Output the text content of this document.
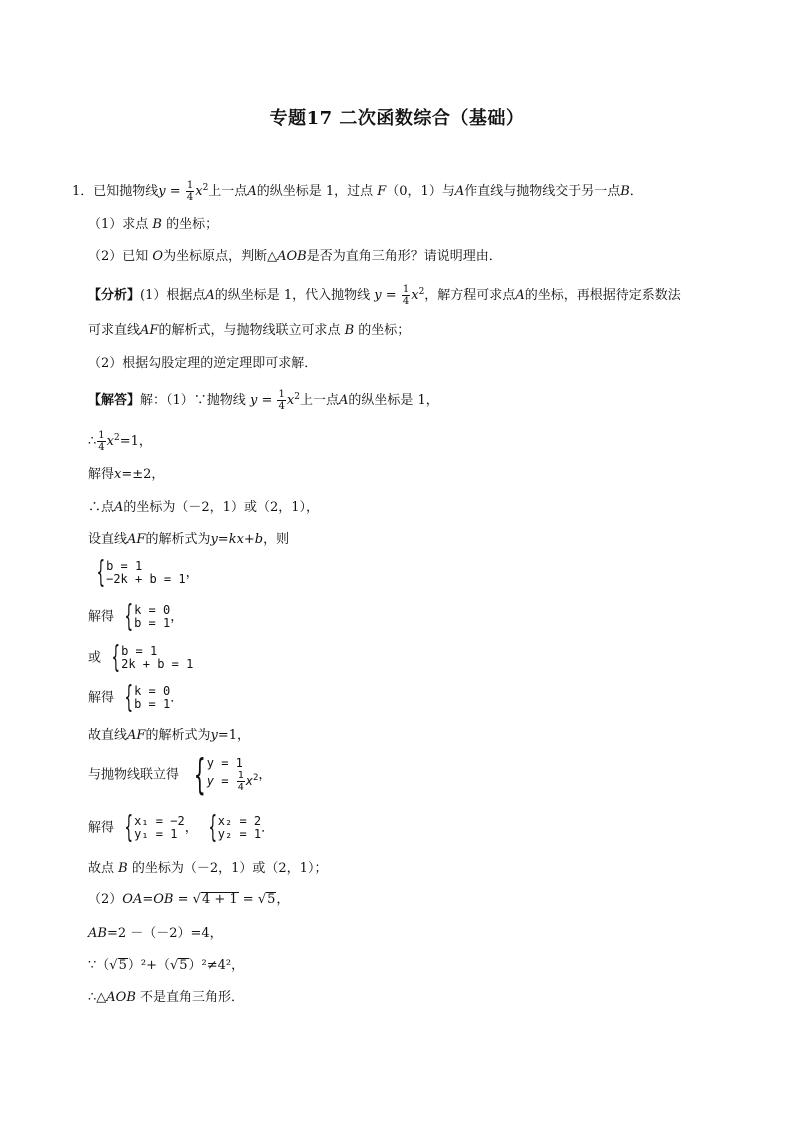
专题17 二次函数综合（基础）
1．已知抛物线$y = \frac{1}{4} x^2$上一点A的纵坐标是 1，过点 F（0，1）与A作直线与抛物线交于另一点B．
（1）求点 B 的坐标；
（2）已知 O为坐标原点，判断△AOB是否为直角三角形？请说明理由．
【分析】(1）根据点A的纵坐标是 1，代入抛物线 $y = \frac{1}{4} x^2$，解方程可求点A的坐标，再根据待定系数法
可求直线AF的解析式，与抛物线联立可求点 B 的坐标；
（2）根据勾股定理的逆定理即可求解．
【解答】解：（1）∵抛物线 $y = \frac{1}{4} x^2$上一点A的纵坐标是 1，
∴ $\frac{1}{4} x^2=1$，
解得x=±2，
∴点A的坐标为（－2，1）或（2，1），
设直线AF的解析式为y=kx+b，则
{ b = 1
−2k + b = 1 ，
解得 { k = 0
b = 1 ，
或 { b = 1
2k + b = 1
解得 { k = 0
b = 1 ．
故直线AF的解析式为y=1，
与抛物线联立得 { y = 1
$y = \frac{1}{4} x^2$ ，
解得 { x₁ = −2
y₁ = 1 ， { x₂ = 2
y₂ = 1 ．
故点 B 的坐标为（－2，1）或（2，1）；
（2）OA=OB = √4 + 1 = √5，
AB=2 －（－2）=4，
∵（√5）²+（√5）²≠4²，
∴△AOB 不是直角三角形．
